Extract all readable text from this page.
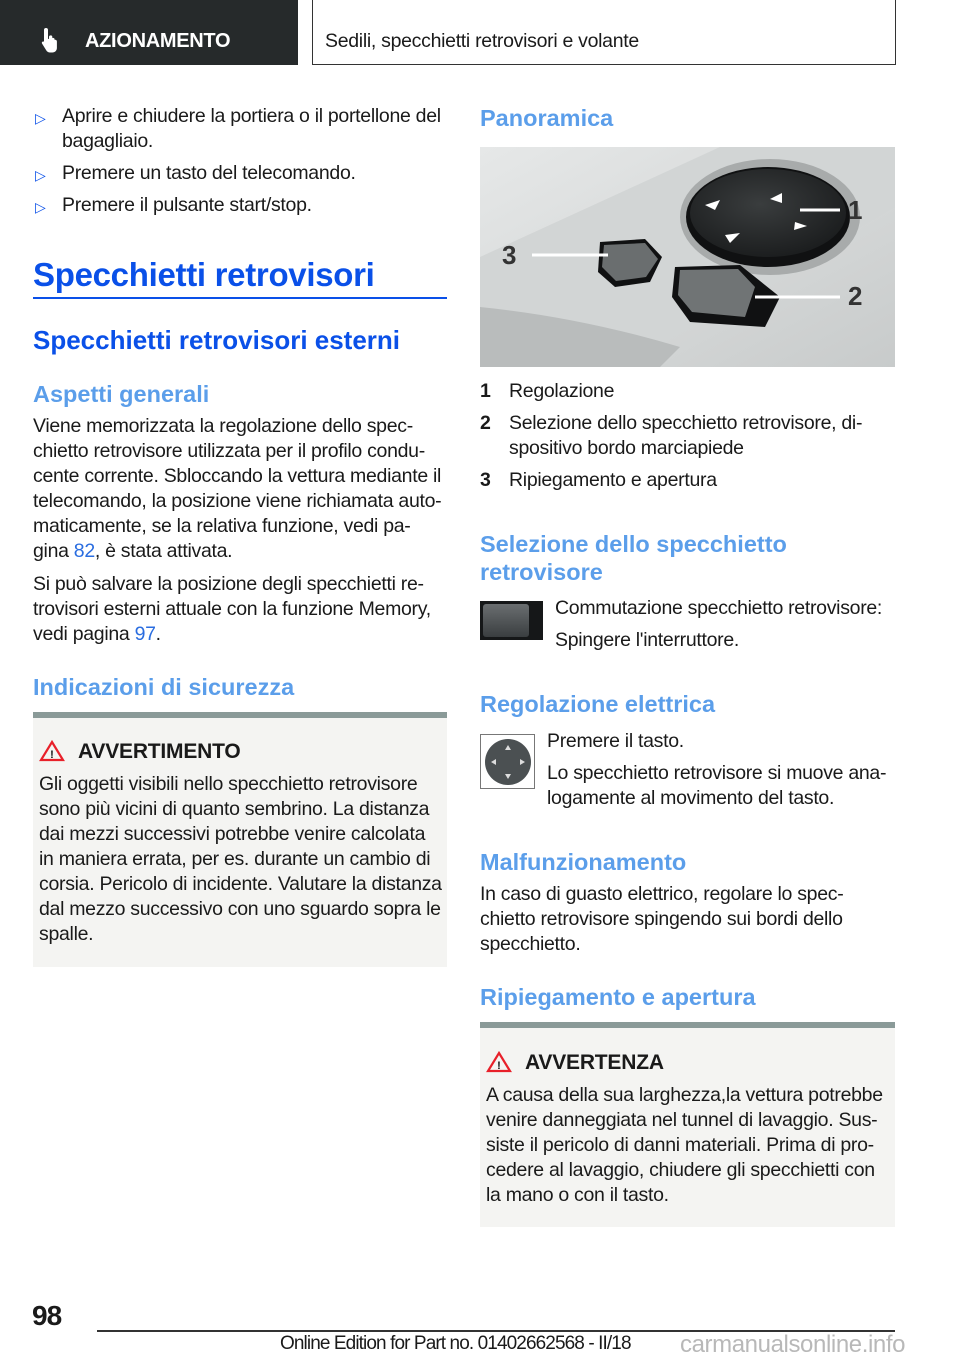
AZIONAMENTO	Sedili, specchietti retrovisori e volante
▷ Aprire e chiudere la portiera o il portellone del
bagagliaio.
▷ Premere un tasto del telecomando.
▷ Premere il pulsante start/stop.
Specchietti retrovisori
Specchietti retrovisori esterni
Aspetti generali
Viene memorizzata la regolazione dello spec-
chietto retrovisore utilizzata per il profilo condu-
cente corrente. Sbloccando la vettura mediante il
telecomando, la posizione viene richiamata auto-
maticamente, se la relativa funzione, vedi pa-
gina 82, è stata attivata.
Si può salvare la posizione degli specchietti re-
trovisori esterni attuale con la funzione Memory,
vedi pagina 97.
Indicazioni di sicurezza
! AVVERTIMENTO
Gli oggetti visibili nello specchietto retrovisore
sono più vicini di quanto sembrino. La distanza
dai mezzi successivi potrebbe venire calcolata
in maniera errata, per es. durante un cambio di
corsia. Pericolo di incidente. Valutare la distanza
dal mezzo successivo con uno sguardo sopra le
spalle.
Panoramica
1
2
3
1 Regolazione
2 Selezione dello specchietto retrovisore, di-
spositivo bordo marciapiede
3 Ripiegamento e apertura
Selezione dello specchietto
retrovisore
Commutazione specchietto retrovisore:
Spingere l'interruttore.
Regolazione elettrica
Premere il tasto.
Lo specchietto retrovisore si muove ana-
logamente al movimento del tasto.
Malfunzionamento
In caso di guasto elettrico, regolare lo spec-
chietto retrovisore spingendo sui bordi dello
specchietto.
Ripiegamento e apertura
! AVVERTENZA
A causa della sua larghezza,la vettura potrebbe
venire danneggiata nel tunnel di lavaggio. Sus-
siste il pericolo di danni materiali. Prima di pro-
cedere al lavaggio, chiudere gli specchietti con
la mano o con il tasto.
98
Online Edition for Part no. 01402662568 - II/18 carmanualsonline.info
